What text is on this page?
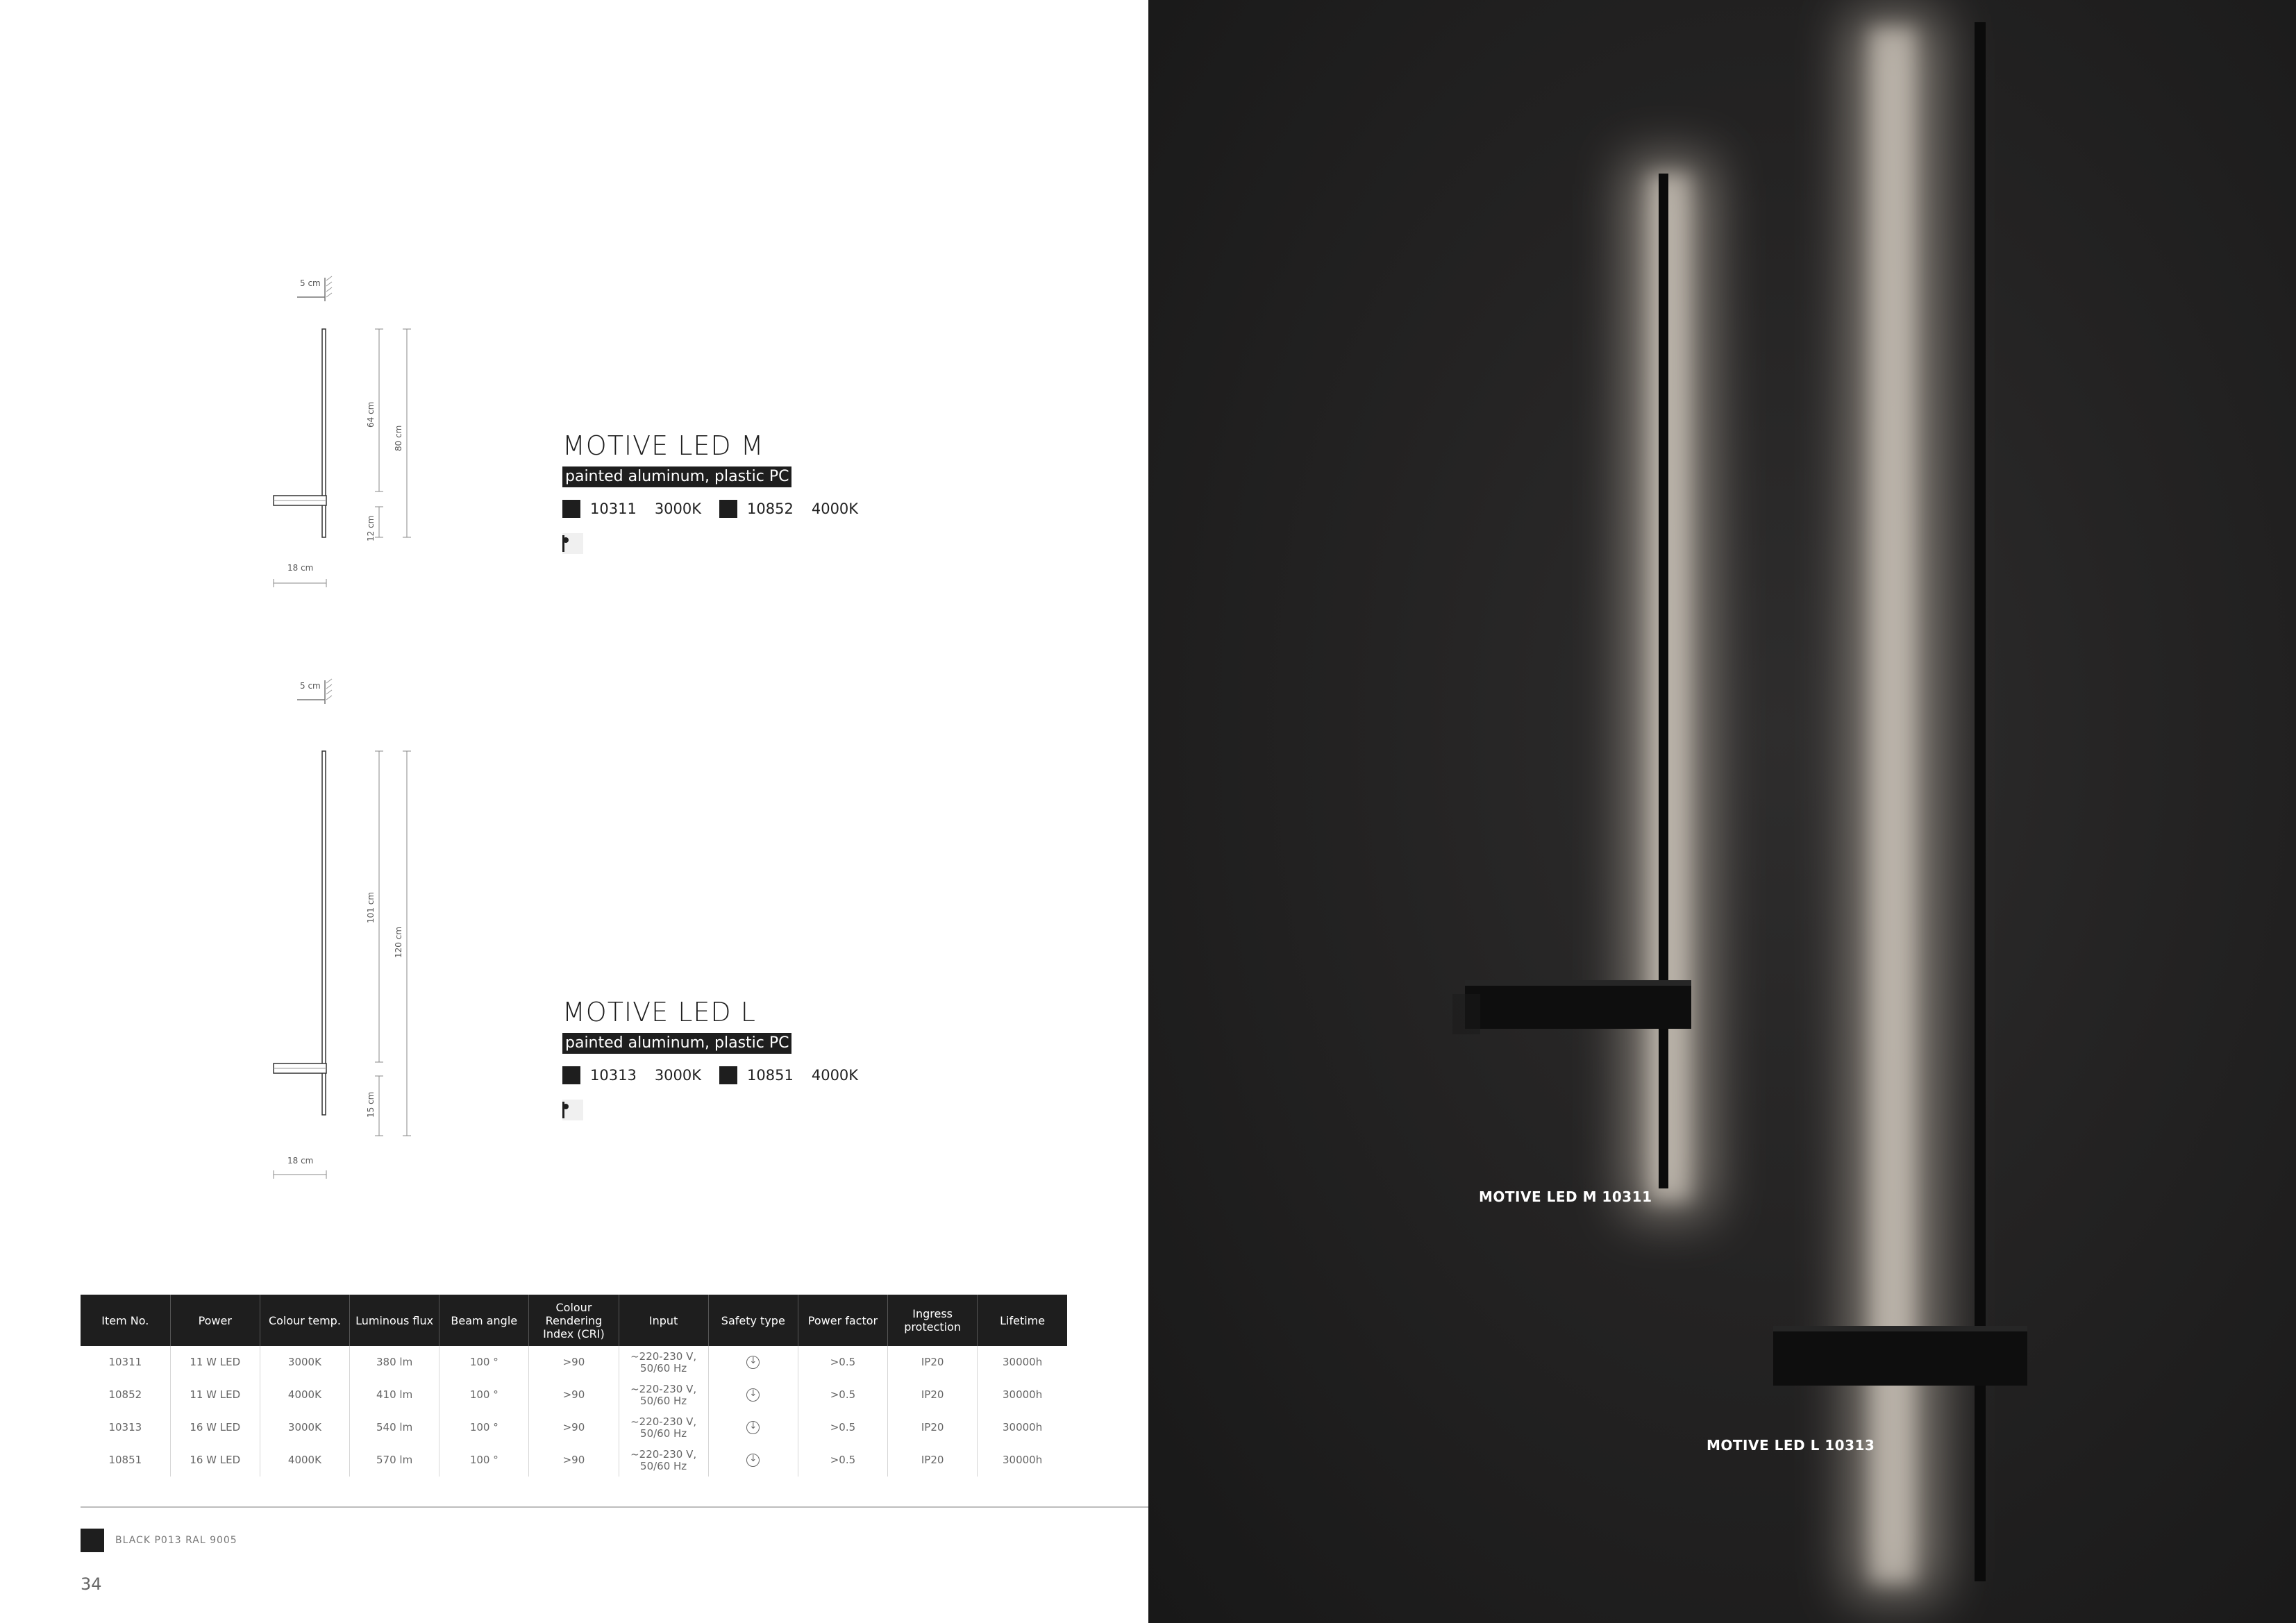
5 cm
64 cm
80 cm
12 cm
18 cm
5 cm
101 cm
120 cm
15 cm
18 cm
MOTIVE LED M
painted aluminum, plastic PC
10311 3000K	10852 4000K
MOTIVE LED L
painted aluminum, plastic PC
10313 3000K	10851 4000K
Item No.	Power	Colour temp.	Luminous flux	Beam angle	Colour Rendering Index (CRI)	Input	Safety type	Power factor	Ingress protection	Lifetime
10311	11 W LED	3000K	380 lm	100 °	>90	~220-230 V, 50/60 Hz	↓	>0.5	IP20	30000h
10852	11 W LED	4000K	410 lm	100 °	>90	~220-230 V, 50/60 Hz	↓	>0.5	IP20	30000h
10313	16 W LED	3000K	540 lm	100 °	>90	~220-230 V, 50/60 Hz	↓	>0.5	IP20	30000h
10851	16 W LED	4000K	570 lm	100 °	>90	~220-230 V, 50/60 Hz	↓	>0.5	IP20	30000h
BLACK P013 RAL 9005
34
MOTIVE LED M 10311
MOTIVE LED L 10313
